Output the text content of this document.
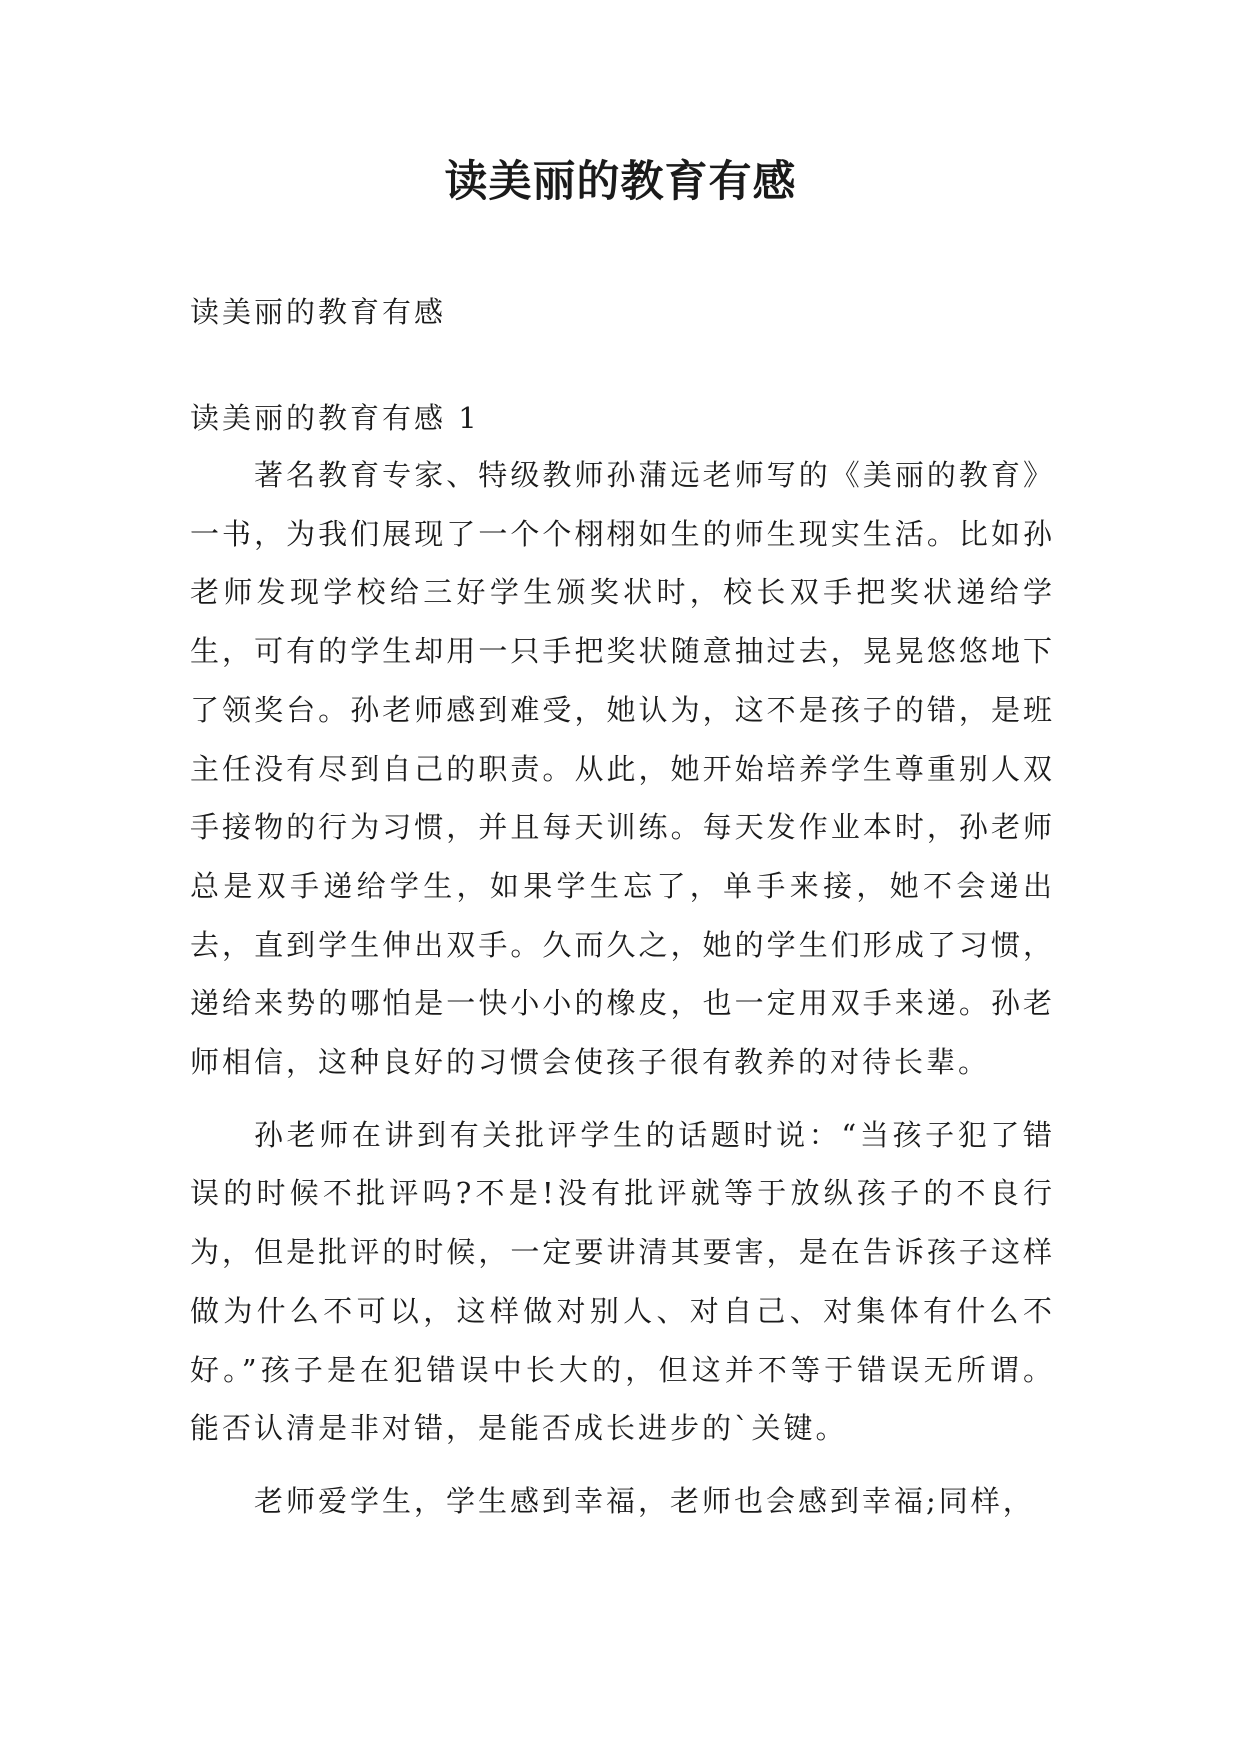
读美丽的教育有感

读美丽的教育有感

读美丽的教育有感 1

著名教育专家、特级教师孙蒲远老师写的《美丽的教育》一书，为我们展现了一个个栩栩如生的师生现实生活。比如孙老师发现学校给三好学生颁奖状时，校长双手把奖状递给学生，可有的学生却用一只手把奖状随意抽过去，晃晃悠悠地下了领奖台。孙老师感到难受，她认为，这不是孩子的错，是班主任没有尽到自己的职责。从此，她开始培养学生尊重别人双手接物的行为习惯，并且每天训练。每天发作业本时，孙老师总是双手递给学生，如果学生忘了，单手来接，她不会递出去，直到学生伸出双手。久而久之，她的学生们形成了习惯，递给来势的哪怕是一快小小的橡皮，也一定用双手来递。孙老师相信，这种良好的习惯会使孩子很有教养的对待长辈。

孙老师在讲到有关批评学生的话题时说：“当孩子犯了错误的时候不批评吗?不是!没有批评就等于放纵孩子的不良行为，但是批评的时候，一定要讲清其要害，是在告诉孩子这样做为什么不可以，这样做对别人、对自己、对集体有什么不好。”孩子是在犯错误中长大的，但这并不等于错误无所谓。能否认清是非对错，是能否成长进步的`关键。

老师爱学生，学生感到幸福，老师也会感到幸福;同样，
